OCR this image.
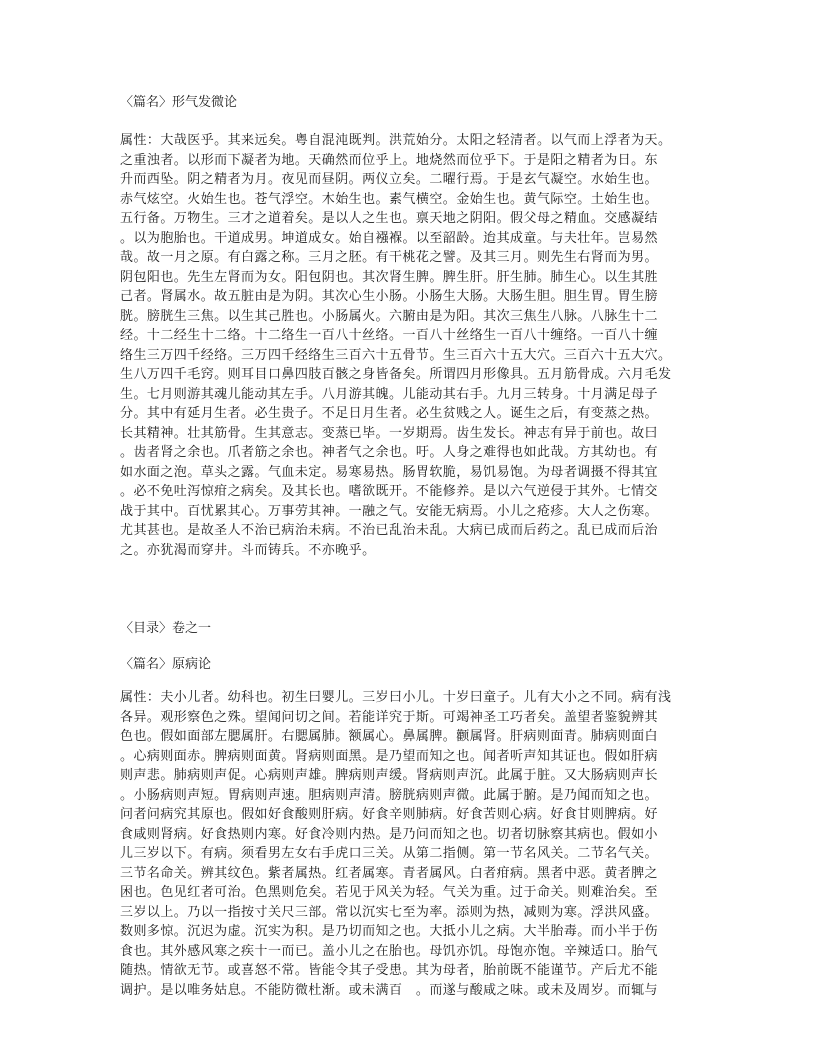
〈篇名〉形气发微论

属性：大哉医乎。其来远矣。粤自混沌既判。洪荒始分。太阳之轻清者。以气而上浮者为天。

之重浊者。以形而下凝者为地。天确然而位乎上。地烧然而位乎下。于是阳之精者为日。东

升而西坠。阴之精者为月。夜见而昼阴。两仪立矣。二曜行焉。于是玄气凝空。水始生也。

赤气炫空。火始生也。苍气浮空。木始生也。素气横空。金始生也。黄气际空。土始生也。

五行备。万物生。三才之道着矣。是以人之生也。禀天地之阴阳。假父母之精血。交感凝结

。以为胞胎也。干道成男。坤道成女。始自襁褓。以至韶龄。迨其成童。与夫壮年。岂易然

哉。故一月之原。有白露之称。三月之胚。有干桃花之譬。及其三月。则先生右肾而为男。

阴包阳也。先生左肾而为女。阳包阴也。其次肾生脾。脾生肝。肝生肺。肺生心。以生其胜

己者。肾属水。故五脏由是为阴。其次心生小肠。小肠生大肠。大肠生胆。胆生胃。胃生膀

胱。膀胱生三焦。以生其己胜也。小肠属火。六腑由是为阳。其次三焦生八脉。八脉生十二

经。十二经生十二络。十二络生一百八十丝络。一百八十丝络生一百八十缠络。一百八十缠

络生三万四千经络。三万四千经络生三百六十五骨节。生三百六十五大穴。三百六十五大穴。

生八万四千毛窍。则耳目口鼻四肢百骸之身皆备矣。所谓四月形像具。五月筋骨成。六月毛发

生。七月则游其魂儿能动其左手。八月游其魄。儿能动其右手。九月三转身。十月满足母子

分。其中有延月生者。必生贵子。不足日月生者。必生贫贱之人。诞生之后，有变蒸之热。

长其精神。壮其筋骨。生其意志。变蒸已毕。一岁期焉。齿生发长。神志有异于前也。故曰

。齿者肾之余也。爪者筋之余也。神者气之余也。吁。人身之难得也如此哉。方其幼也。有

如水面之泡。草头之露。气血未定。易寒易热。肠胃软脆，易饥易饱。为母者调摄不得其宜

。必不免吐泻惊疳之病矣。及其长也。嗜欲既开。不能修养。是以六气逆侵于其外。七情交

战于其中。百忧累其心。万事劳其神。一融之气。安能无病焉。小儿之疮疹。大人之伤寒。

尤其甚也。是故圣人不治已病治未病。不治已乱治未乱。大病已成而后药之。乱已成而后治

之。亦犹渴而穿井。斗而铸兵。不亦晚乎。

〈目录〉卷之一

〈篇名〉原病论

属性：夫小儿者。幼科也。初生曰婴儿。三岁曰小儿。十岁曰童子。儿有大小之不同。病有浅

各异。观形察色之殊。望闻问切之间。若能详究于斯。可竭神圣工巧者矣。盖望者鉴貌辨其

色也。假如面部左腮属肝。右腮属肺。额属心。鼻属脾。颧属肾。肝病则面青。肺病则面白

。心病则面赤。脾病则面黄。肾病则面黑。是乃望而知之也。闻者听声知其证也。假如肝病

则声悲。肺病则声促。心病则声雄。脾病则声缓。肾病则声沉。此属于脏。又大肠病则声长

。小肠病则声短。胃病则声速。胆病则声清。膀胱病则声微。此属于腑。是乃闻而知之也。

问者问病究其原也。假如好食酸则肝病。好食辛则肺病。好食苦则心病。好食甘则脾病。好

食咸则肾病。好食热则内寒。好食冷则内热。是乃问而知之也。切者切脉察其病也。假如小

儿三岁以下。有病。须看男左女右手虎口三关。从第二指侧。第一节名风关。二节名气关。

三节名命关。辨其纹色。紫者属热。红者属寒。青者属风。白者疳病。黑者中恶。黄者脾之

困也。色见红者可治。色黑则危矣。若见于风关为轻。气关为重。过于命关。则难治矣。至

三岁以上。乃以一指按寸关尺三部。常以沉实七至为率。添则为热，减则为寒。浮洪风盛。

数则多惊。沉迟为虚。沉实为积。是乃切而知之也。大抵小儿之病。大半胎毒。而小半于伤

食也。其外感风寒之疾十一而已。盖小儿之在胎也。母饥亦饥。母饱亦饱。辛辣适口。胎气

随热。情欲无节。或喜怒不常。皆能令其子受患。其为母者，胎前既不能谨节。产后尤不能

调护。是以唯务姑息。不能防微杜渐。或未满百　。而遂与酸咸之味。或未及周岁。而辄与
